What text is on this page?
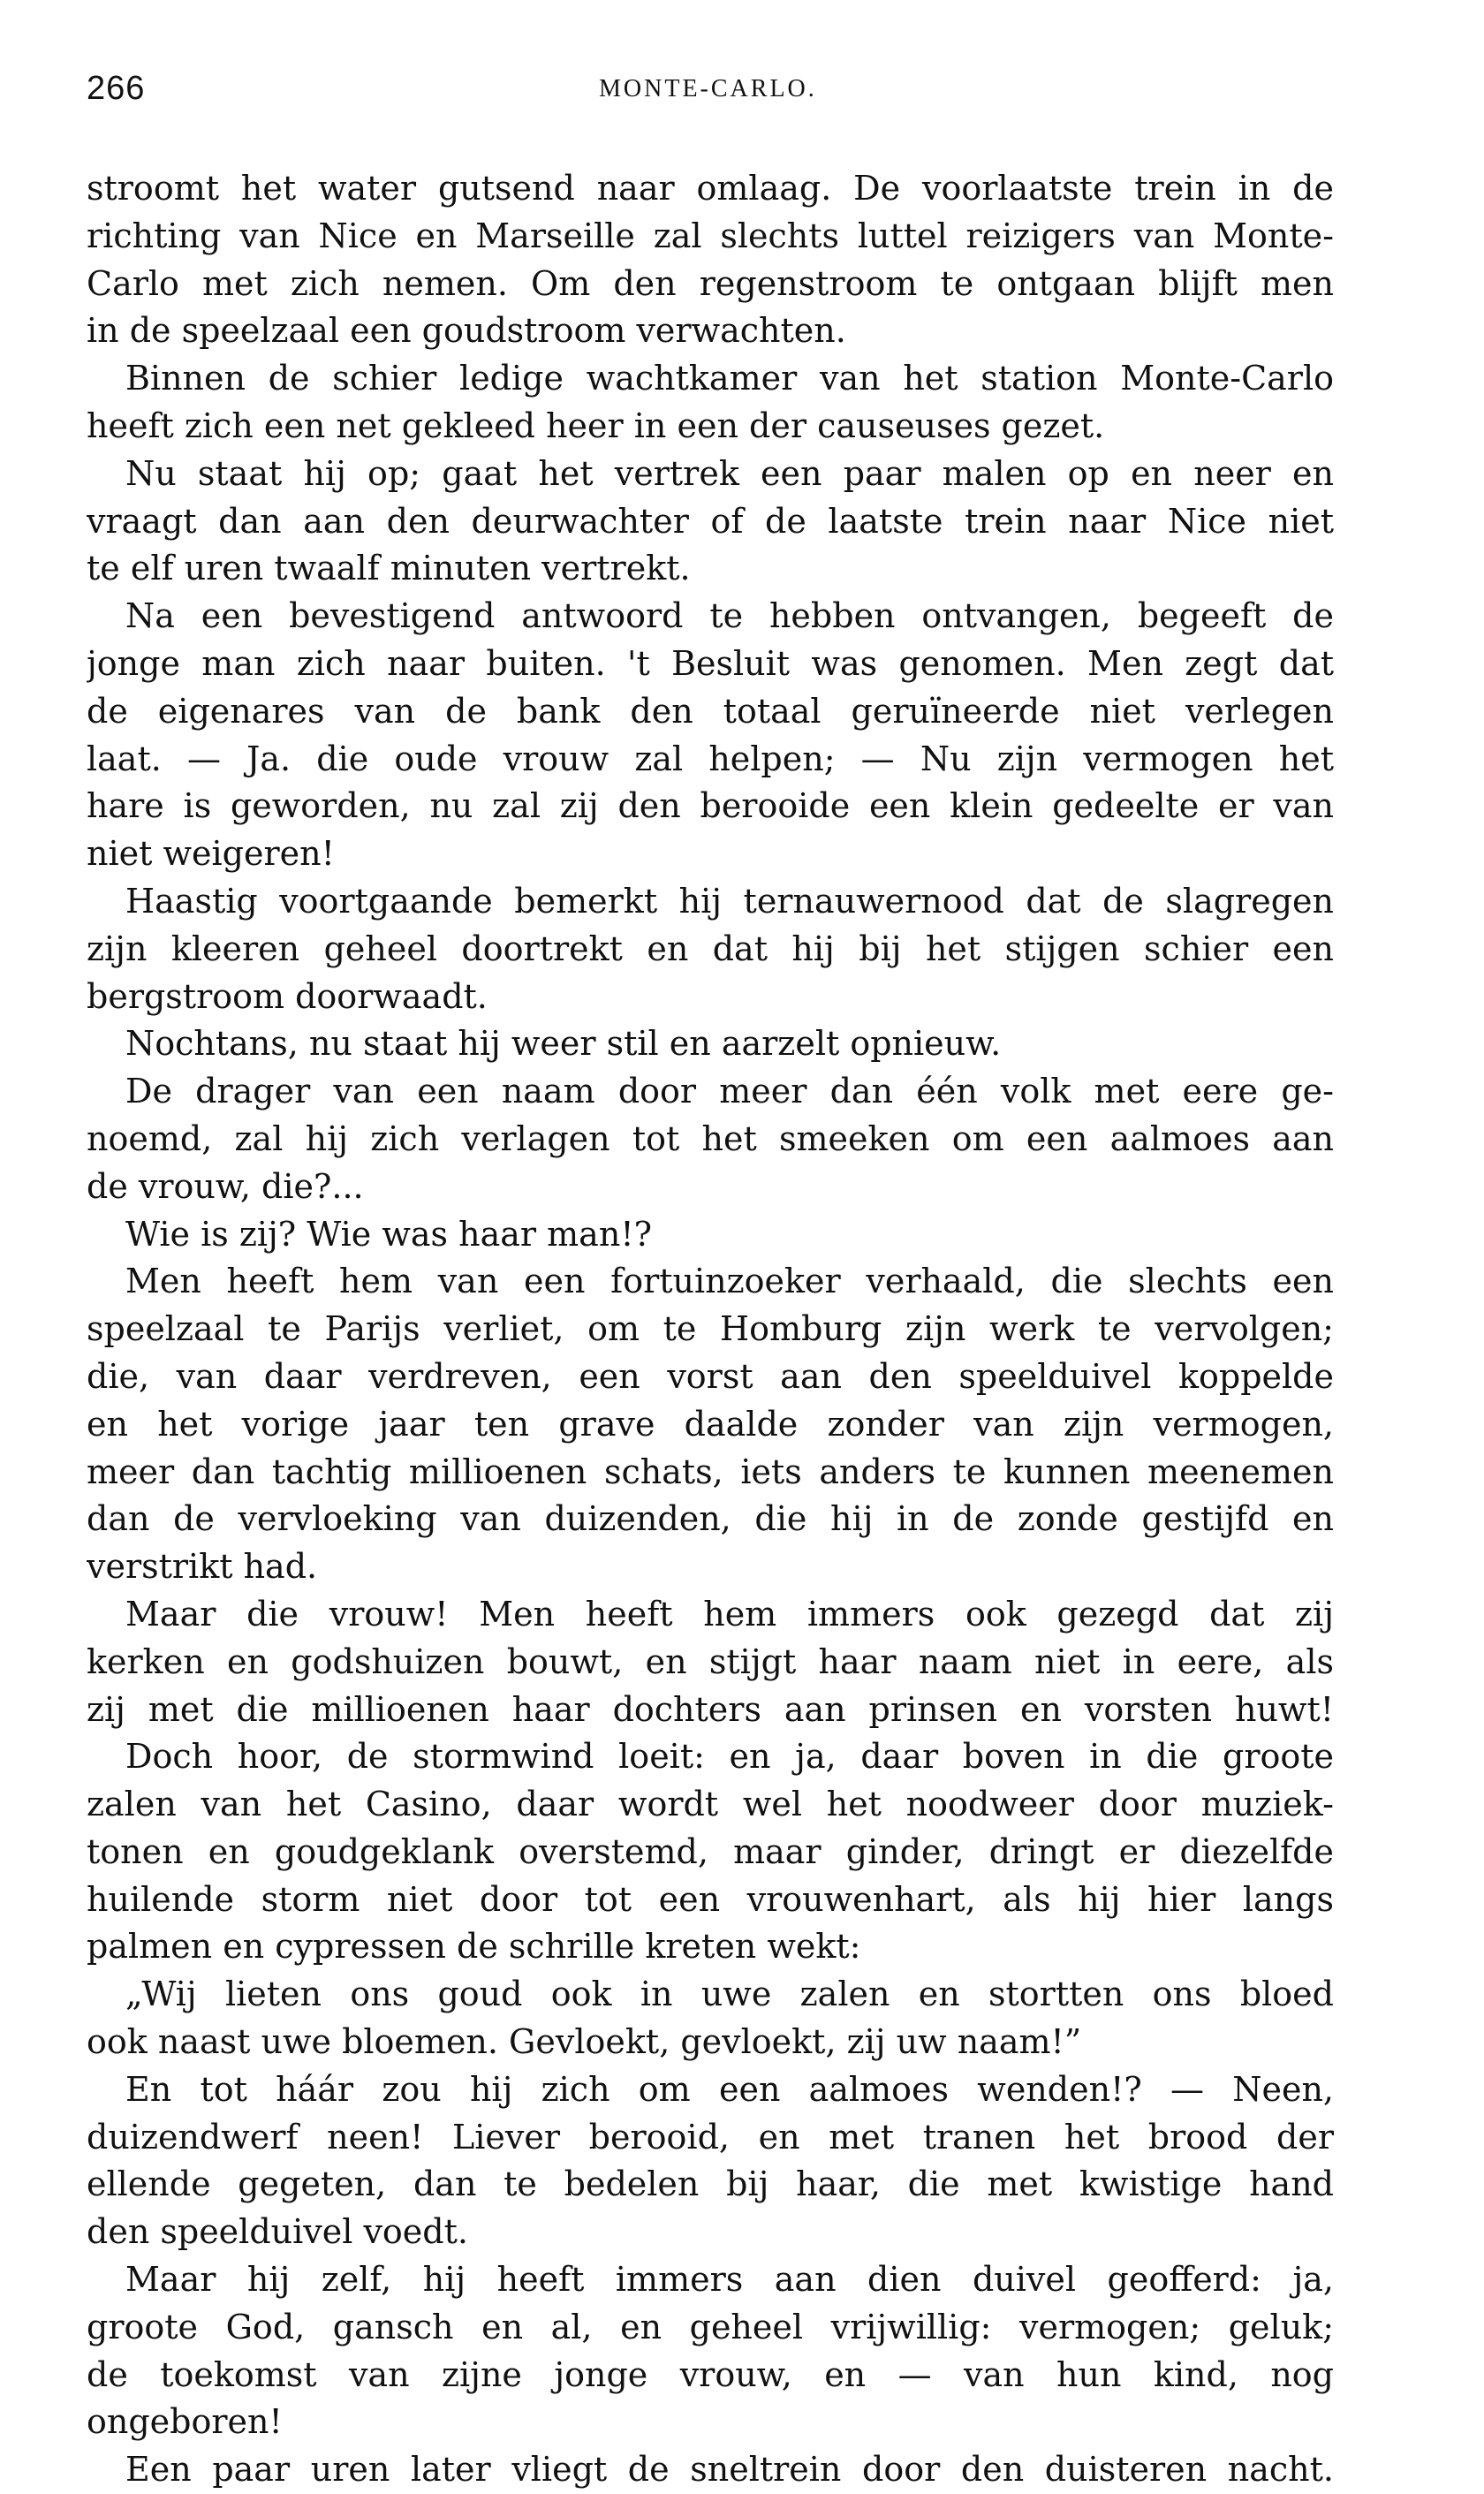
266	MONTE-CARLO.
stroomt het water gutsend naar omlaag. De voorlaatste trein in de
richting van Nice en Marseille zal slechts luttel reizigers van Monte-
Carlo met zich nemen. Om den regenstroom te ontgaan blijft men
in de speelzaal een goudstroom verwachten.
Binnen de schier ledige wachtkamer van het station Monte-Carlo
heeft zich een net gekleed heer in een der causeuses gezet.
Nu staat hij op; gaat het vertrek een paar malen op en neer en
vraagt dan aan den deurwachter of de laatste trein naar Nice niet
te elf uren twaalf minuten vertrekt.
Na een bevestigend antwoord te hebben ontvangen, begeeft de
jonge man zich naar buiten. 't Besluit was genomen. Men zegt dat
de eigenares van de bank den totaal geruïneerde niet verlegen
laat. — Ja. die oude vrouw zal helpen; — Nu zijn vermogen het
hare is geworden, nu zal zij den berooide een klein gedeelte er van
niet weigeren!
Haastig voortgaande bemerkt hij ternauwernood dat de slagregen
zijn kleeren geheel doortrekt en dat hij bij het stijgen schier een
bergstroom doorwaadt.
Nochtans, nu staat hij weer stil en aarzelt opnieuw.
De drager van een naam door meer dan één volk met eere ge-
noemd, zal hij zich verlagen tot het smeeken om een aalmoes aan
de vrouw, die?...
Wie is zij? Wie was haar man!?
Men heeft hem van een fortuinzoeker verhaald, die slechts een
speelzaal te Parijs verliet, om te Homburg zijn werk te vervolgen;
die, van daar verdreven, een vorst aan den speelduivel koppelde
en het vorige jaar ten grave daalde zonder van zijn vermogen,
meer dan tachtig millioenen schats, iets anders te kunnen meenemen
dan de vervloeking van duizenden, die hij in de zonde gestijfd en
verstrikt had.
Maar die vrouw! Men heeft hem immers ook gezegd dat zij
kerken en godshuizen bouwt, en stijgt haar naam niet in eere, als
zij met die millioenen haar dochters aan prinsen en vorsten huwt!
Doch hoor, de stormwind loeit: en ja, daar boven in die groote
zalen van het Casino, daar wordt wel het noodweer door muziek-
tonen en goudgeklank overstemd, maar ginder, dringt er diezelfde
huilende storm niet door tot een vrouwenhart, als hij hier langs
palmen en cypressen de schrille kreten wekt:
„Wij lieten ons goud ook in uwe zalen en stortten ons bloed
ook naast uwe bloemen. Gevloekt, gevloekt, zij uw naam!”
En tot háár zou hij zich om een aalmoes wenden!? — Neen,
duizendwerf neen! Liever berooid, en met tranen het brood der
ellende gegeten, dan te bedelen bij haar, die met kwistige hand
den speelduivel voedt.
Maar hij zelf, hij heeft immers aan dien duivel geofferd: ja,
groote God, gansch en al, en geheel vrijwillig: vermogen; geluk;
de toekomst van zijne jonge vrouw, en — van hun kind, nog
ongeboren!
Een paar uren later vliegt de sneltrein door den duisteren nacht.
